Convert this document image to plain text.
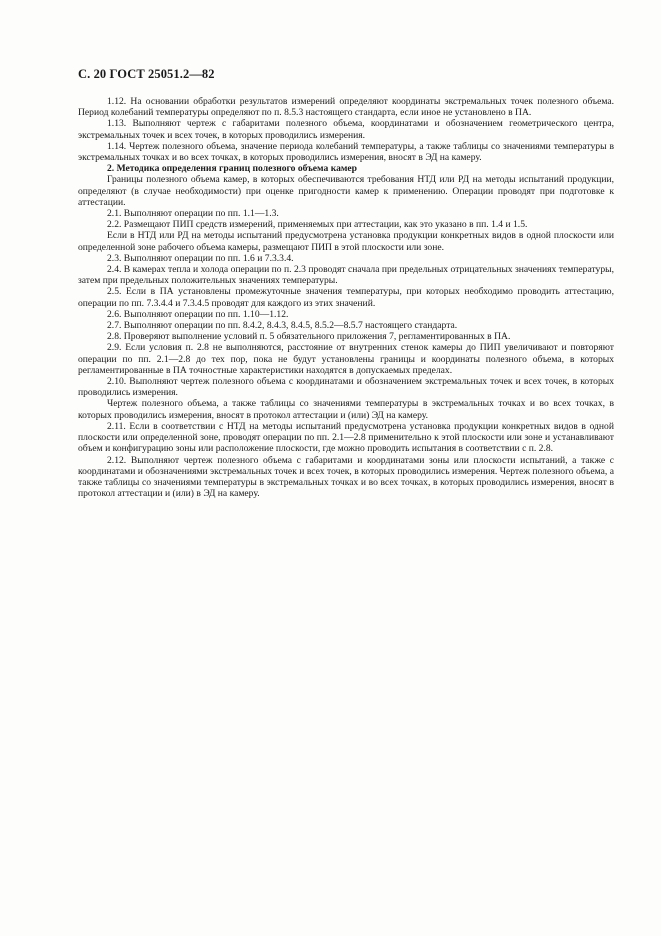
С. 20 ГОСТ 25051.2—82

1.12. На основании обработки результатов измерений определяют координаты экстремальных точек полезного объема. Период колебаний температуры определяют по п. 8.5.3 настоящего стандарта, если иное не установлено в ПА.

1.13. Выполняют чертеж с габаритами полезного объема, координатами и обозначением геометрического центра, экстремальных точек и всех точек, в которых проводились измерения.

1.14. Чертеж полезного объема, значение периода колебаний температуры, а также таблицы со значениями температуры в экстремальных точках и во всех точках, в которых проводились измерения, вносят в ЭД на камеру.

2. Методика определения границ полезного объема камер

Границы полезного объема камер, в которых обеспечиваются требования НТД или РД на методы испытаний продукции, определяют (в случае необходимости) при оценке пригодности камер к применению. Операции проводят при подготовке к аттестации.

2.1. Выполняют операции по пп. 1.1—1.3.

2.2. Размещают ПИП средств измерений, применяемых при аттестации, как это указано в пп. 1.4 и 1.5.

Если в НТД или РД на методы испытаний предусмотрена установка продукции конкретных видов в одной плоскости или определенной зоне рабочего объема камеры, размещают ПИП в этой плоскости или зоне.

2.3. Выполняют операции по пп. 1.6 и 7.3.3.4.

2.4. В камерах тепла и холода операции по п. 2.3 проводят сначала при предельных отрицательных значениях температуры, затем при предельных положительных значениях температуры.

2.5. Если в ПА установлены промежуточные значения температуры, при которых необходимо проводить аттестацию, операции по пп. 7.3.4.4 и 7.3.4.5 проводят для каждого из этих значений.

2.6. Выполняют операции по пп. 1.10—1.12.

2.7. Выполняют операции по пп. 8.4.2, 8.4.3, 8.4.5, 8.5.2—8.5.7 настоящего стандарта.

2.8. Проверяют выполнение условий п. 5 обязательного приложения 7, регламентированных в ПА.

2.9. Если условия п. 2.8 не выполняются, расстояние от внутренних стенок камеры до ПИП увеличивают и повторяют операции по пп. 2.1—2.8 до тех пор, пока не будут установлены границы и координаты полезного объема, в которых регламентированные в ПА точностные характеристики находятся в допускаемых пределах.

2.10. Выполняют чертеж полезного объема с координатами и обозначением экстремальных точек и всех точек, в которых проводились измерения.

Чертеж полезного объема, а также таблицы со значениями температуры в экстремальных точках и во всех точках, в которых проводились измерения, вносят в протокол аттестации и (или) ЭД на камеру.

2.11. Если в соответствии с НТД на методы испытаний предусмотрена установка продукции конкретных видов в одной плоскости или определенной зоне, проводят операции по пп. 2.1—2.8 применительно к этой плоскости или зоне и устанавливают объем и конфигурацию зоны или расположение плоскости, где можно проводить испытания в соответствии с п. 2.8.

2.12. Выполняют чертеж полезного объема с габаритами и координатами зоны или плоскости испытаний, а также с координатами и обозначениями экстремальных точек и всех точек, в которых проводились измерения. Чертеж полезного объема, а также таблицы со значениями температуры в экстремальных точках и во всех точках, в которых проводились измерения, вносят в протокол аттестации и (или) в ЭД на камеру.
